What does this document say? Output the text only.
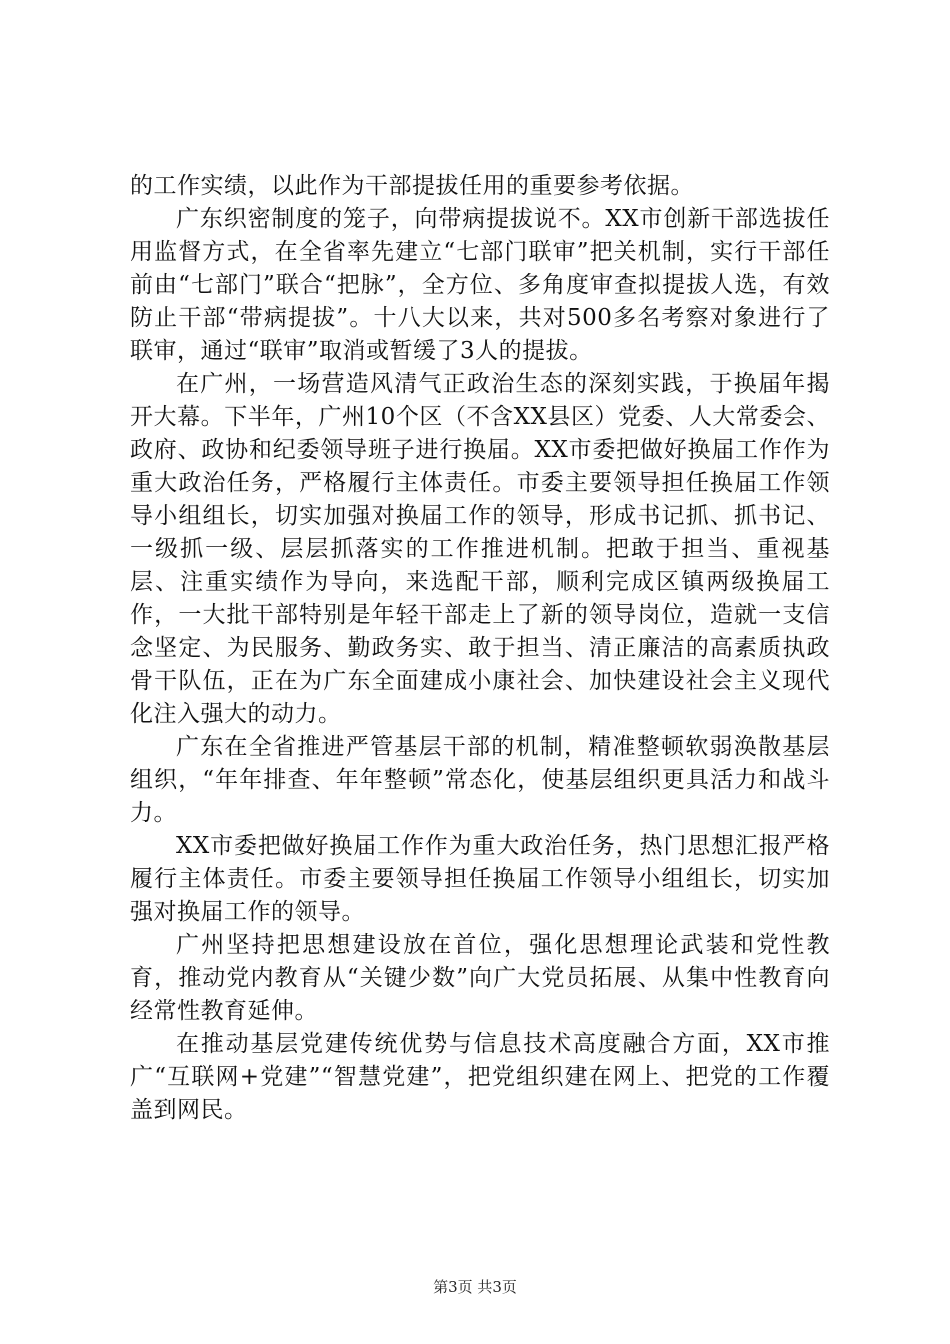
的工作实绩，以此作为干部提拔任用的重要参考依据。

广东织密制度的笼子，向带病提拔说不。XX市创新干部选拔任用监督方式，在全省率先建立“七部门联审”把关机制，实行干部任前由“七部门”联合“把脉”，全方位、多角度审查拟提拔人选，有效防止干部“带病提拔”。十八大以来，共对500多名考察对象进行了联审，通过“联审”取消或暂缓了3人的提拔。

在广州，一场营造风清气正政治生态的深刻实践，于换届年揭开大幕。下半年，广州10个区（不含XX县区）党委、人大常委会、政府、政协和纪委领导班子进行换届。XX市委把做好换届工作作为重大政治任务，严格履行主体责任。市委主要领导担任换届工作领导小组组长，切实加强对换届工作的领导，形成书记抓、抓书记、一级抓一级、层层抓落实的工作推进机制。把敢于担当、重视基层、注重实绩作为导向，来选配干部，顺利完成区镇两级换届工作，一大批干部特别是年轻干部走上了新的领导岗位，造就一支信念坚定、为民服务、勤政务实、敢于担当、清正廉洁的高素质执政骨干队伍，正在为广东全面建成小康社会、加快建设社会主义现代化注入强大的动力。

广东在全省推进严管基层干部的机制，精准整顿软弱涣散基层组织，“年年排查、年年整顿”常态化，使基层组织更具活力和战斗力。

XX市委把做好换届工作作为重大政治任务，热门思想汇报严格履行主体责任。市委主要领导担任换届工作领导小组组长，切实加强对换届工作的领导。

广州坚持把思想建设放在首位，强化思想理论武装和党性教育，推动党内教育从“关键少数”向广大党员拓展、从集中性教育向经常性教育延伸。

在推动基层党建传统优势与信息技术高度融合方面，XX市推广“互联网+党建”“智慧党建”，把党组织建在网上、把党的工作覆盖到网民。

第3页 共3页
